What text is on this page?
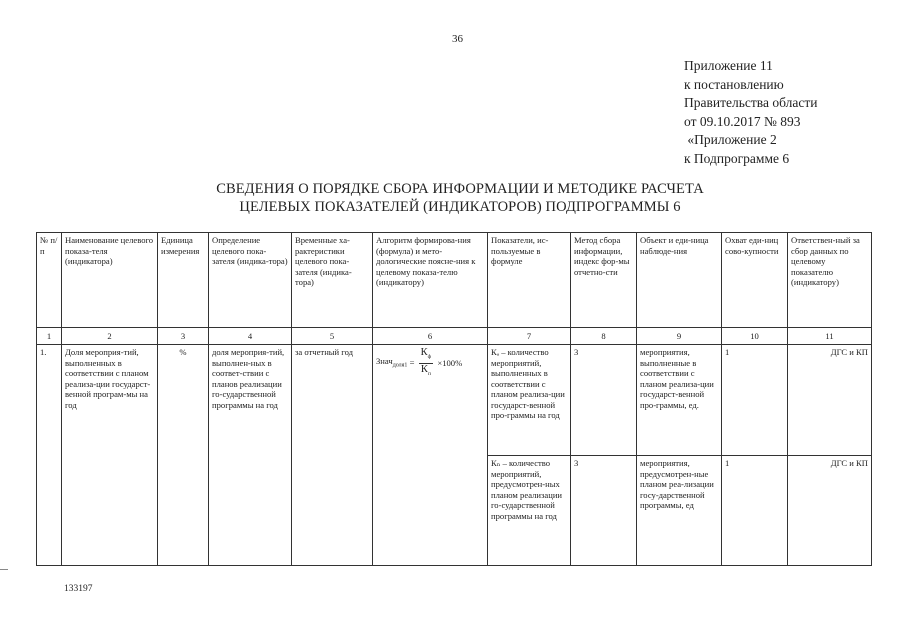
36
Приложение 11
к постановлению
Правительства области
от 09.10.2017 № 893
«Приложение 2
к Подпрограмме 6
СВЕДЕНИЯ О ПОРЯДКЕ СБОРА ИНФОРМАЦИИ И МЕТОДИКЕ РАСЧЕТА
ЦЕЛЕВЫХ ПОКАЗАТЕЛЕЙ (ИНДИКАТОРОВ) ПОДПРОГРАММЫ 6
№ п/п	Наименование целевого показа-теля (индикатора)	Единица измерения	Определение целевого пока-зателя (индика-тора)	Временные ха-рактеристики целевого пока-зателя (индика-тора)	Алгоритм формирова-ния (формула) и мето-дологические поясне-ния к целевому показа-телю (индикатору)	Показатели, ис-пользуемые в формуле	Метод сбора информации, индекс фор-мы отчетно-сти	Объект и еди-ница наблюде-ния	Охват еди-ниц сово-купности	Ответствен-ный за сбор данных по целевому показателю (индикатору)
1	2	3	4	5	6	7	8	9	10	11
1.	Доля мероприя-тий, выполненных в соответствии с планом реализа-ции государст-венной програм-мы на год	%	доля мероприя-тий, выполнен-ных в соответ-ствии с планов реализации го-сударственной программы на год	за отчетный год	Знач$_{доля1}$ = $\frac{К_ф}{К_п} \times 100\%$	Кₐ – количество мероприятий, выполненных в соответствии с планом реализа-ции государст-венной про-граммы на год	3	мероприятия, выполненные в соответствии с планом реализа-ции государст-венной про-граммы, ед.	1	ДГС и КП
						Кₙ – количество мероприятий, предусмотрен-ных планом реализации го-сударственной программы на год	3	мероприятия, предусмотрен-ные планом реа-лизации госу-дарственной программы, ед	1	ДГС и КП
133197
